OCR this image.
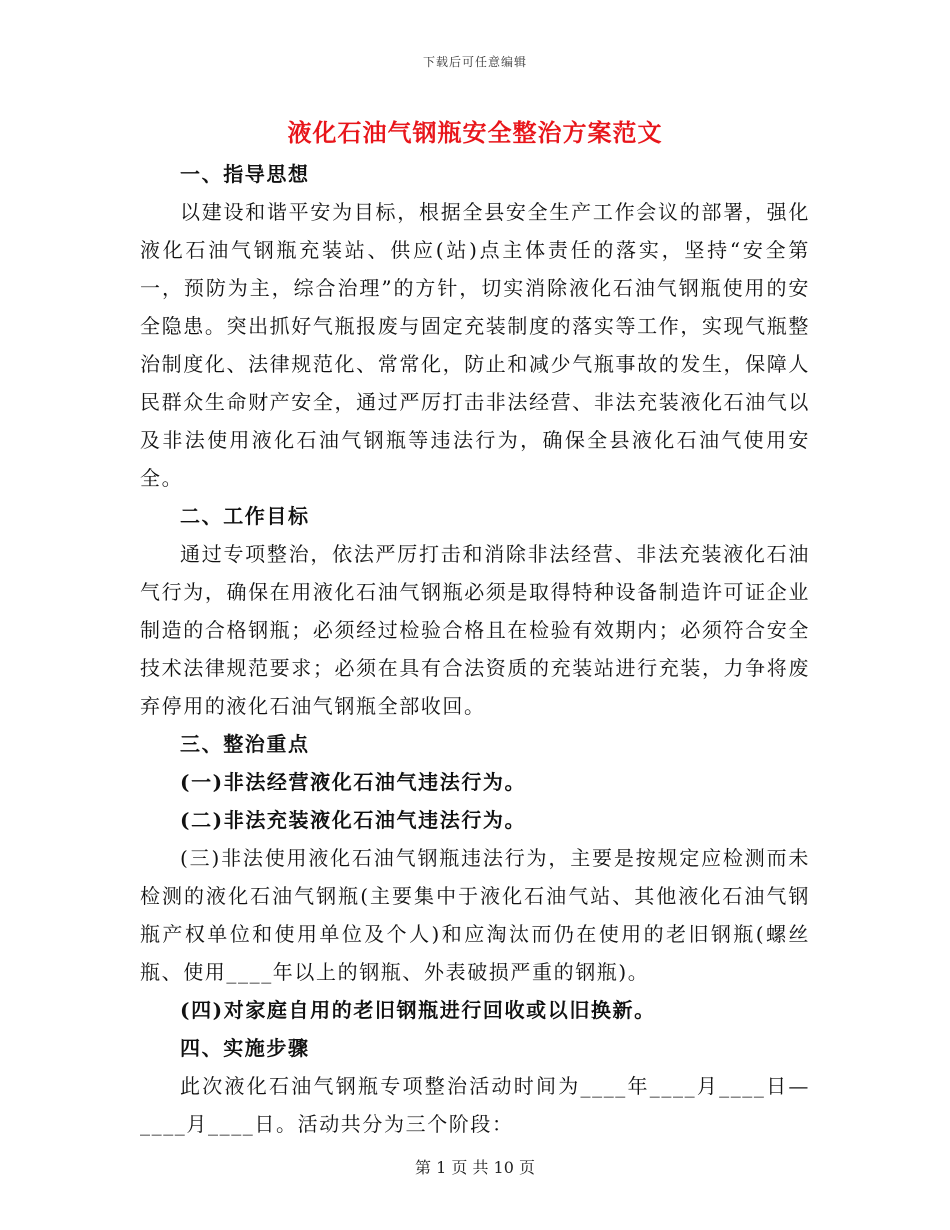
下载后可任意编辑
液化石油气钢瓶安全整治方案范文

一、指导思想

以建设和谐平安为目标，根据全县安全生产工作会议的部署，强化液化石油气钢瓶充装站、供应(站)点主体责任的落实，坚持“安全第一，预防为主，综合治理”的方针，切实消除液化石油气钢瓶使用的安全隐患。突出抓好气瓶报废与固定充装制度的落实等工作，实现气瓶整治制度化、法律规范化、常常化，防止和减少气瓶事故的发生，保障人民群众生命财产安全，通过严厉打击非法经营、非法充装液化石油气以及非法使用液化石油气钢瓶等违法行为，确保全县液化石油气使用安全。

二、工作目标

通过专项整治，依法严厉打击和消除非法经营、非法充装液化石油气行为，确保在用液化石油气钢瓶必须是取得特种设备制造许可证企业制造的合格钢瓶；必须经过检验合格且在检验有效期内；必须符合安全技术法律规范要求；必须在具有合法资质的充装站进行充装，力争将废弃停用的液化石油气钢瓶全部收回。

三、整治重点

(一)非法经营液化石油气违法行为。

(二)非法充装液化石油气违法行为。

(三)非法使用液化石油气钢瓶违法行为，主要是按规定应检测而未检测的液化石油气钢瓶(主要集中于液化石油气站、其他液化石油气钢瓶产权单位和使用单位及个人)和应淘汰而仍在使用的老旧钢瓶(螺丝瓶、使用____年以上的钢瓶、外表破损严重的钢瓶)。

(四)对家庭自用的老旧钢瓶进行回收或以旧换新。

四、实施步骤

此次液化石油气钢瓶专项整治活动时间为____年____月____日—____月____日。活动共分为三个阶段：

第 1 页 共 10 页
